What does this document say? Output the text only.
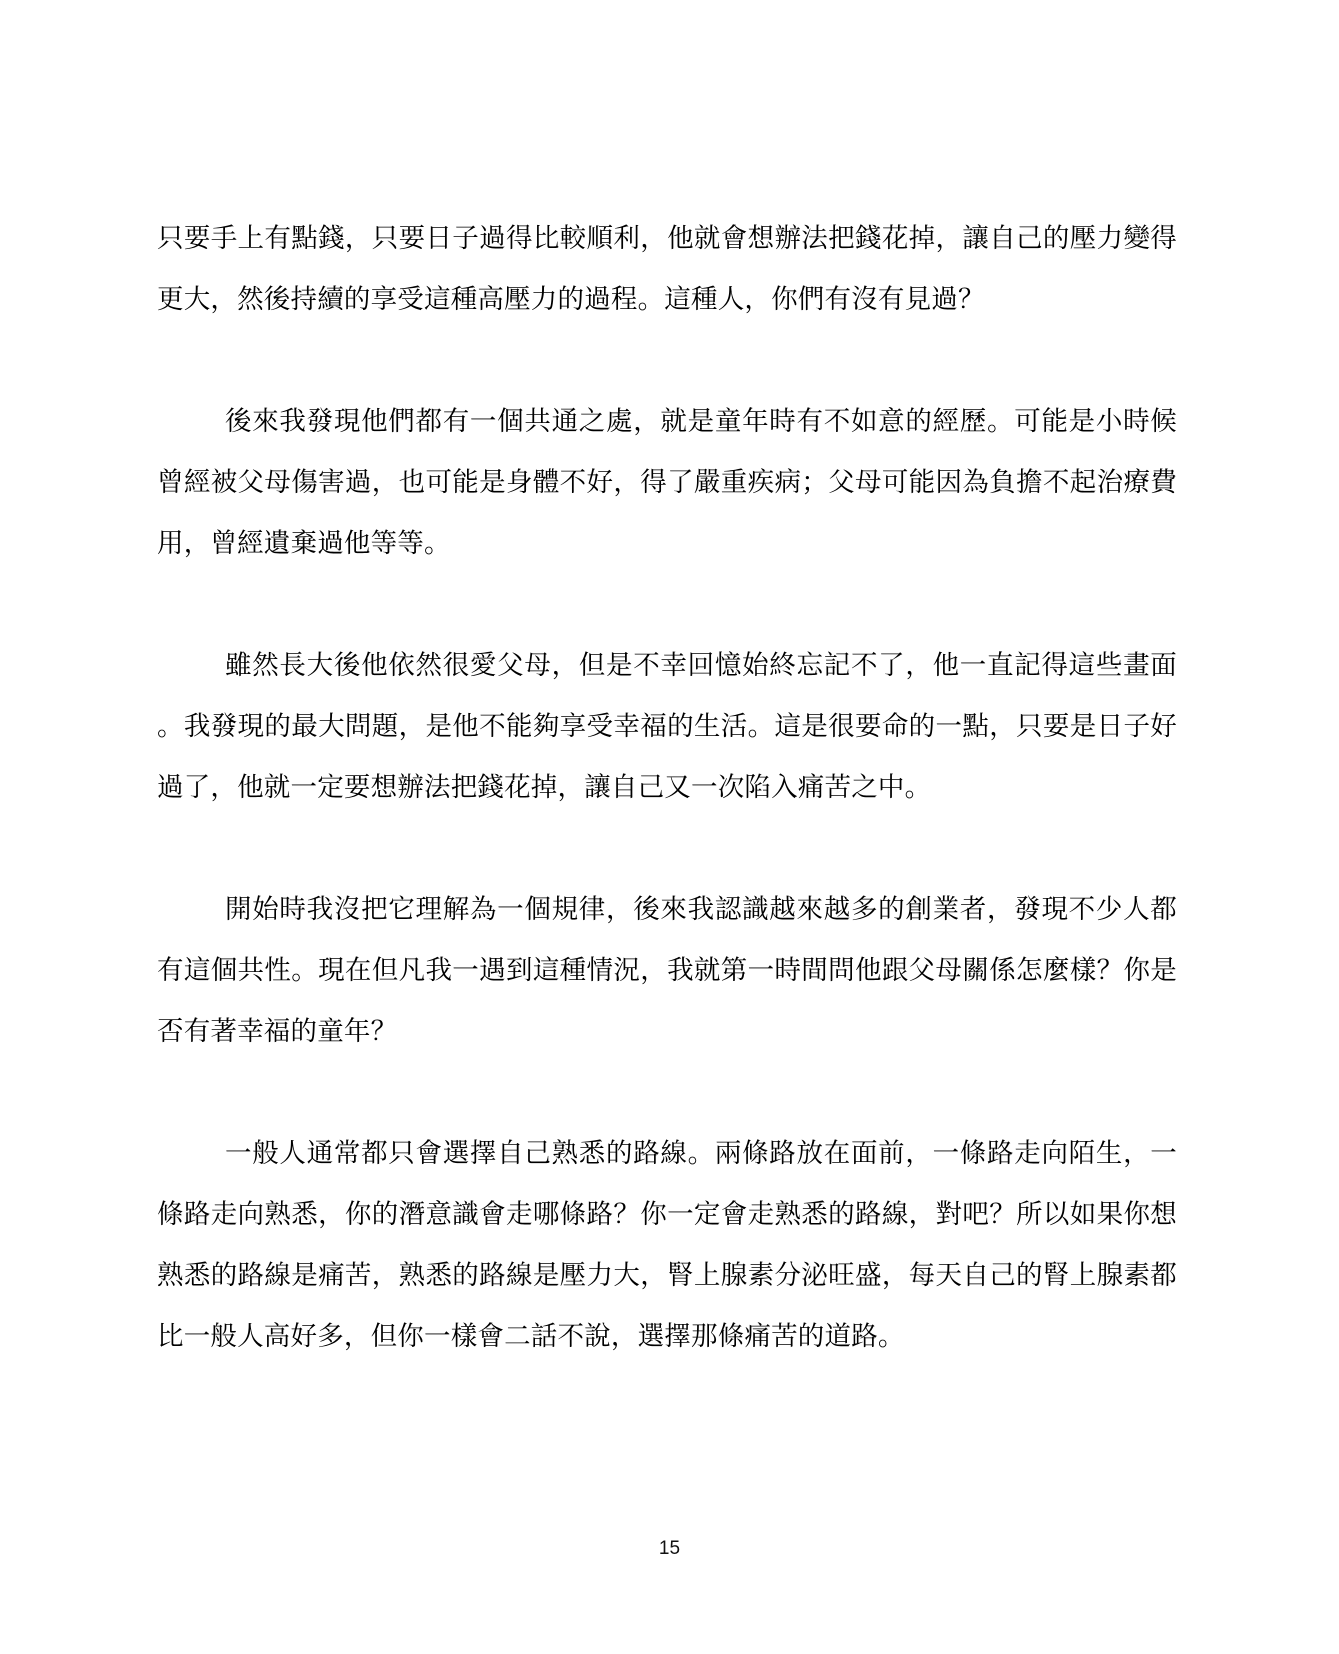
只要手上有點錢，只要日子過得比較順利，他就會想辦法把錢花掉，讓自己的壓力變得更大，然後持續的享受這種高壓力的過程。這種人，你們有沒有見過？

後來我發現他們都有一個共通之處，就是童年時有不如意的經歷。可能是小時候曾經被父母傷害過，也可能是身體不好，得了嚴重疾病；父母可能因為負擔不起治療費用，曾經遺棄過他等等。

雖然長大後他依然很愛父母，但是不幸回憶始終忘記不了，他一直記得這些畫面。我發現的最大問題，是他不能夠享受幸福的生活。這是很要命的一點，只要是日子好過了，他就一定要想辦法把錢花掉，讓自己又一次陷入痛苦之中。

開始時我沒把它理解為一個規律，後來我認識越來越多的創業者，發現不少人都有這個共性。現在但凡我一遇到這種情況，我就第一時間問他跟父母關係怎麼樣？你是否有著幸福的童年？

一般人通常都只會選擇自己熟悉的路線。兩條路放在面前，一條路走向陌生，一條路走向熟悉，你的潛意識會走哪條路？你一定會走熟悉的路線，對吧？所以如果你想熟悉的路線是痛苦，熟悉的路線是壓力大，腎上腺素分泌旺盛，每天自己的腎上腺素都比一般人高好多，但你一樣會二話不說，選擇那條痛苦的道路。

15
